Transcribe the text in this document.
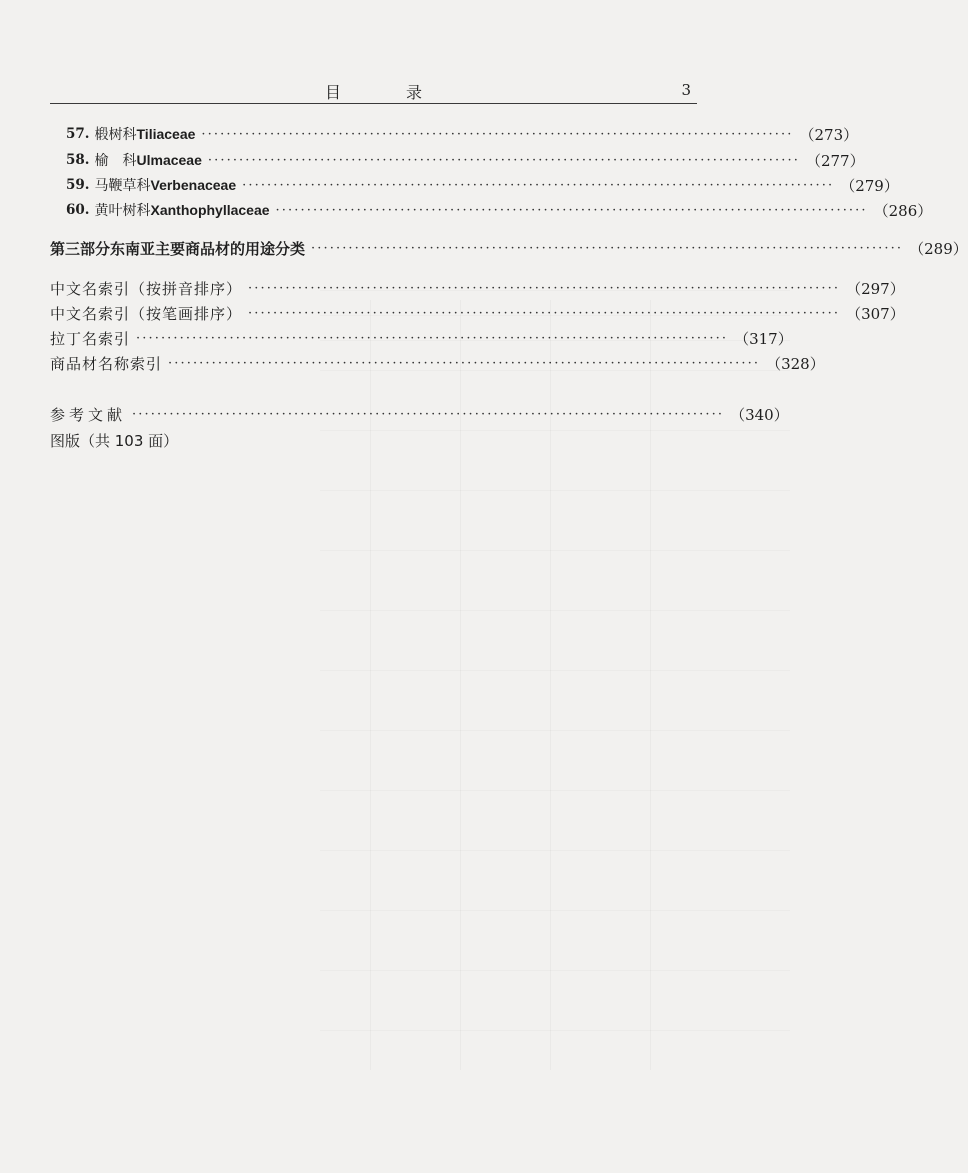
目 录	3
57. 椴树科 Tiliaceae ······························································································· （273）
58. 榆　科 Ulmaceae ······························································································· （277）
59. 马鞭草科 Verbenaceae ······························································································· （279）
60. 黄叶树科 Xanthophyllaceae ······························································································· （286）
第三部分 东南亚主要商品材的用途分类 ······························································································· （289）
中文名索引（按拼音排序） ······························································································· （297）
中文名索引（按笔画排序） ······························································································· （307）
拉丁名索引 ······························································································· （317）
商品材名称索引 ······························································································· （328）
参考文献 ······························································································· （340）
图版（共 103 面）
